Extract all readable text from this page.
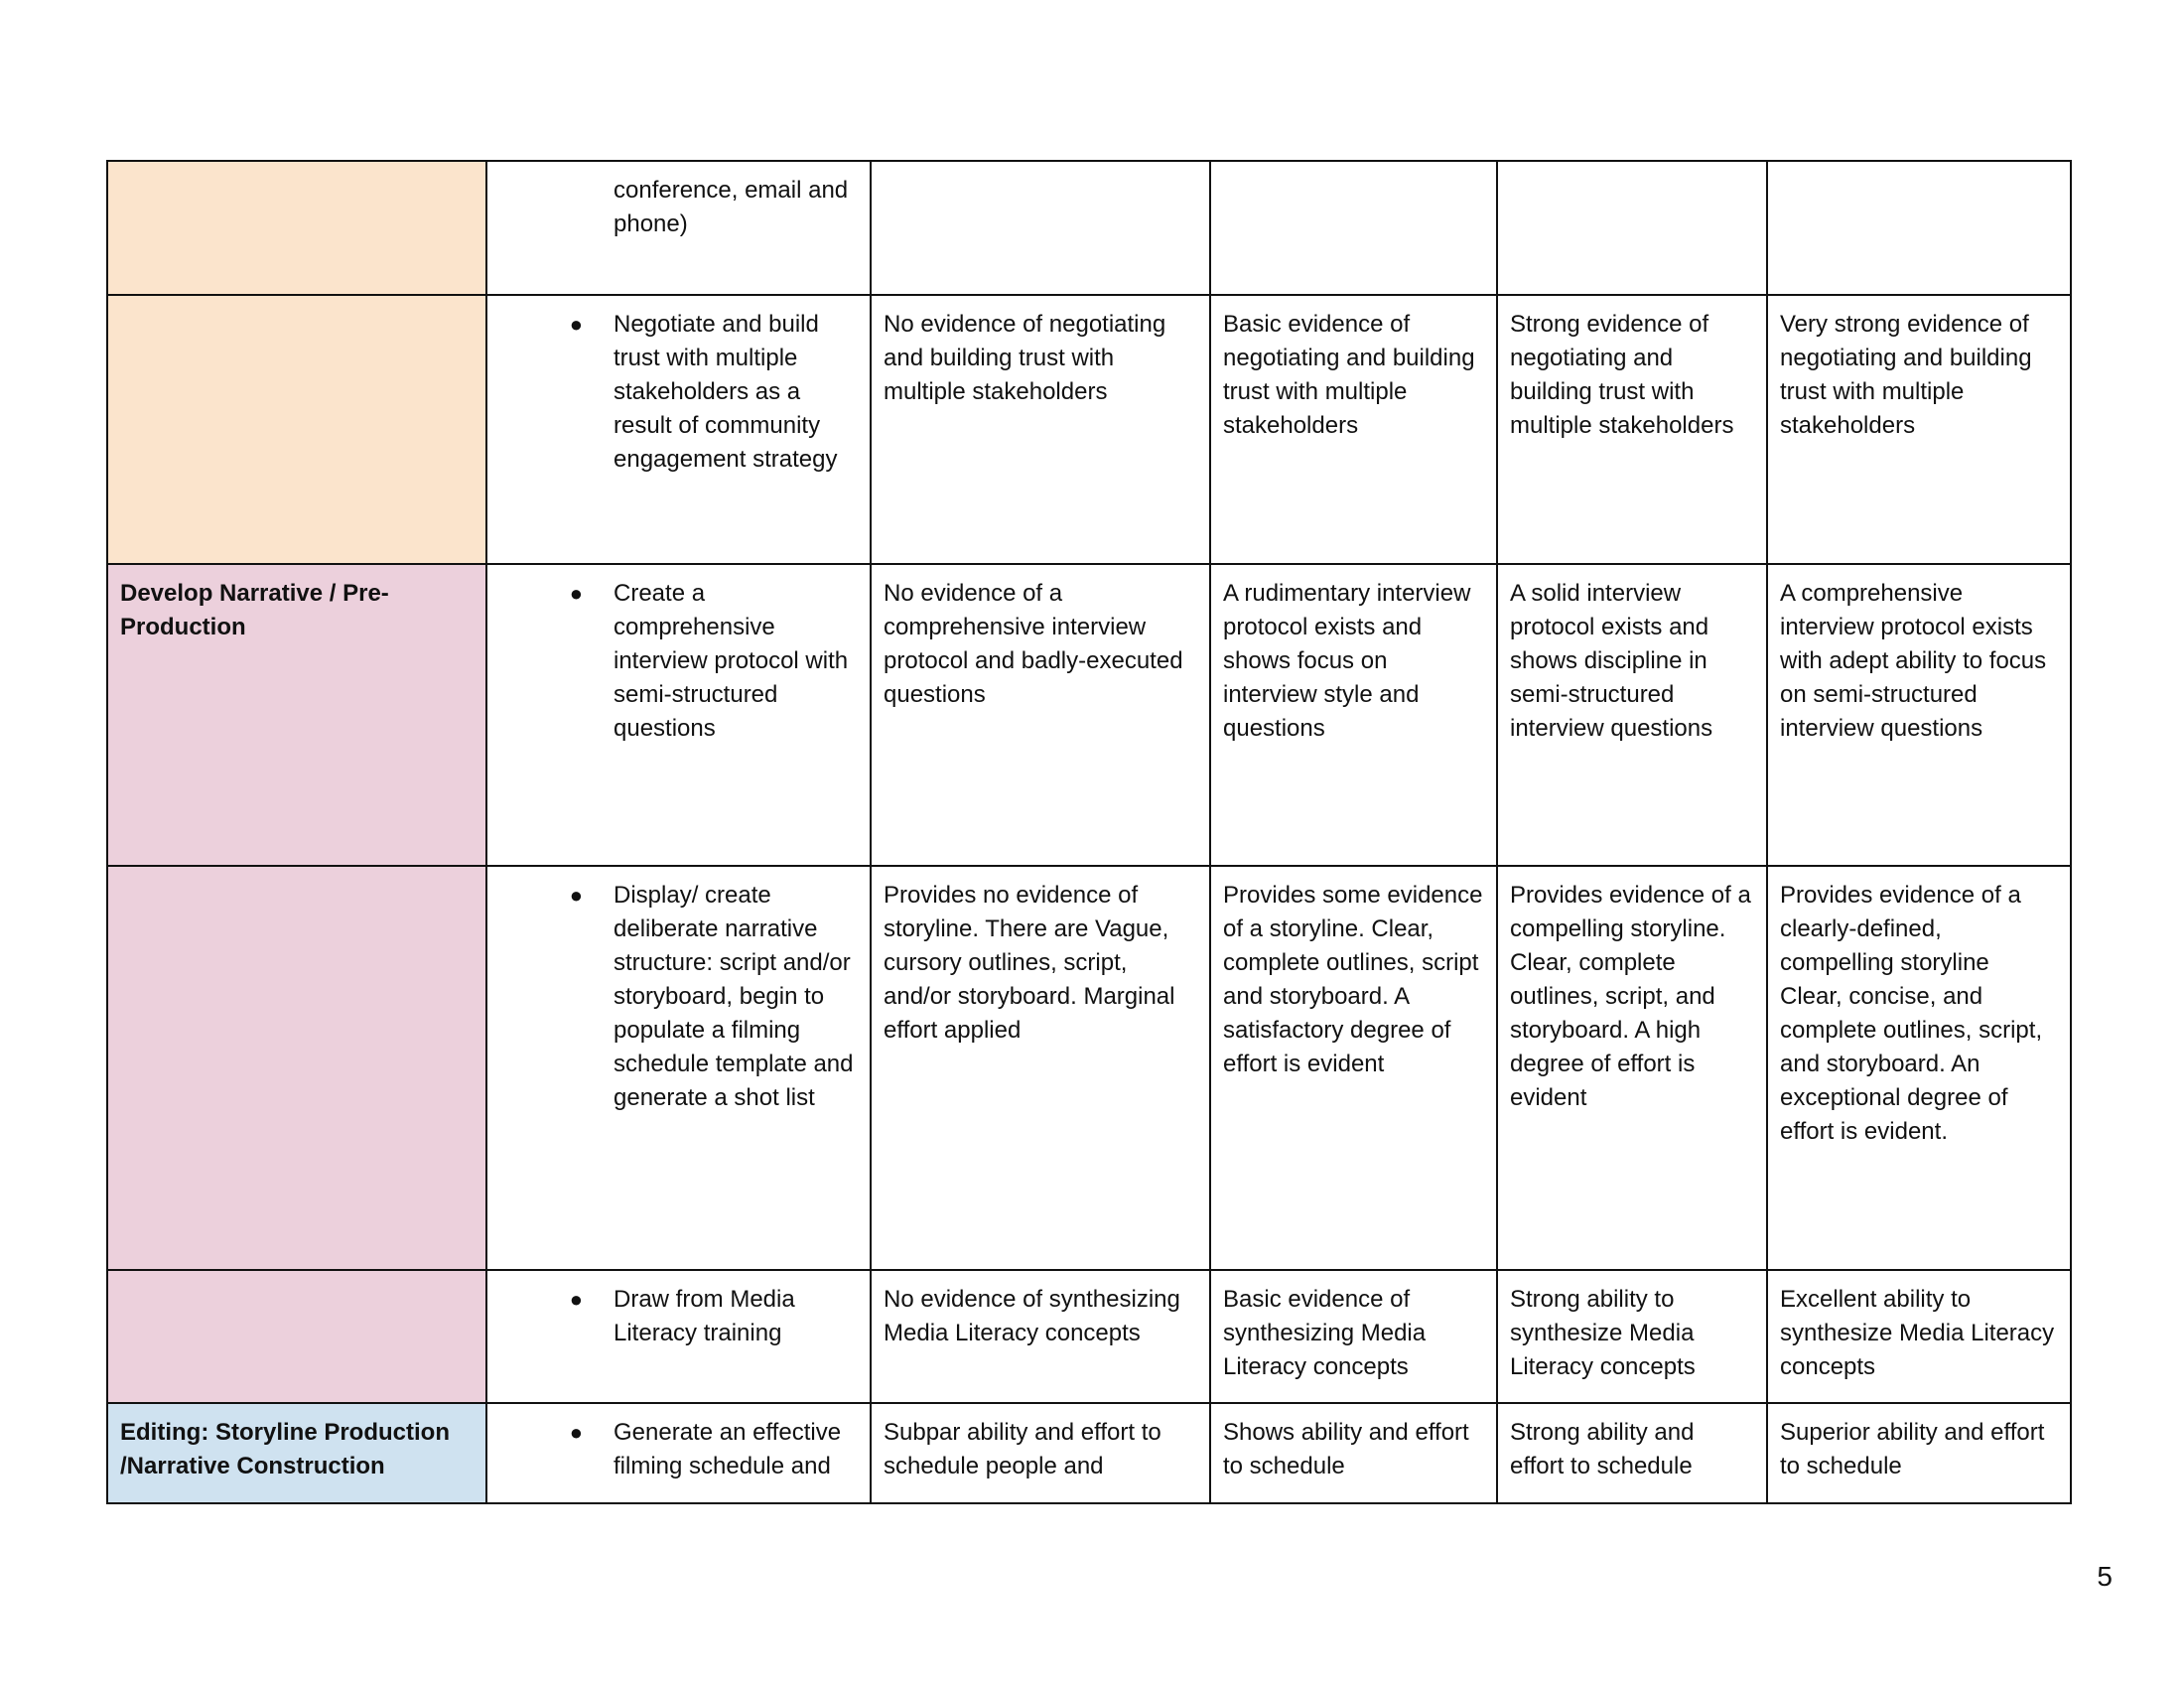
	conference, email and phone)				

	● Negotiate and build trust with multiple stakeholders as a result of community engagement strategy	No evidence of negotiating and building trust with multiple stakeholders	Basic evidence of negotiating and building trust with multiple stakeholders	Strong evidence of negotiating and building trust with multiple stakeholders	Very strong evidence of negotiating and building trust with multiple stakeholders
Develop Narrative / Pre-Production	● Create a comprehensive interview protocol with semi-structured questions	No evidence of a comprehensive interview protocol and badly-executed questions	A rudimentary interview protocol exists and shows focus on interview style and questions	A solid interview protocol exists and shows discipline in semi-structured interview questions	A comprehensive interview protocol exists with adept ability to focus on semi-structured interview questions

	● Display/ create deliberate narrative structure: script and/or storyboard, begin to populate a filming schedule template and generate a shot list	Provides no evidence of storyline. There are Vague, cursory outlines, script, and/or storyboard. Marginal effort applied	Provides some evidence of a storyline. Clear, complete outlines, script and storyboard. A satisfactory degree of effort is evident	Provides evidence of a compelling storyline. Clear, complete outlines, script, and storyboard. A high degree of effort is evident	Provides evidence of a clearly-defined, compelling storyline Clear, concise, and complete outlines, script, and storyboard. An exceptional degree of effort is evident.

	● Draw from Media Literacy training	No evidence of synthesizing Media Literacy concepts	Basic evidence of synthesizing Media Literacy concepts	Strong ability to synthesize Media Literacy concepts	Excellent ability to synthesize Media Literacy concepts
Editing: Storyline Production /Narrative Construction	● Generate an effective filming schedule and	Subpar ability and effort to schedule people and	Shows ability and effort to schedule	Strong ability and effort to schedule	Superior ability and effort to schedule
5
